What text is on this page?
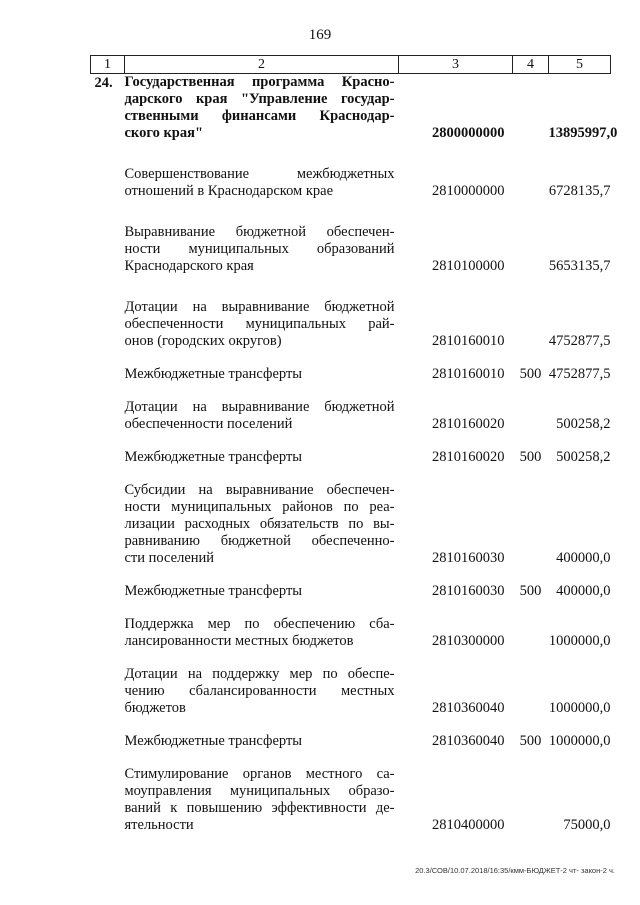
169
1	2	3	4	5
24.	Государственная программа Красно-
дарского края "Управление государ-
ственными финансами Краснодар-
ского края"	2800000000		13895997,0

	Совершенствование межбюджетных
отношений в Краснодарском крае	2810000000		6728135,7

	Выравнивание бюджетной обеспечен-
ности муниципальных образований
Краснодарского края	2810100000		5653135,7

	Дотации на выравнивание бюджетной
обеспеченности муниципальных рай-
онов (городских округов)	2810160010		4752877,5

	Межбюджетные трансферты	2810160010	500	4752877,5

	Дотации на выравнивание бюджетной
обеспеченности поселений	2810160020		500258,2

	Межбюджетные трансферты	2810160020	500	500258,2

	Субсидии на выравнивание обеспечен-
ности муниципальных районов по реа-
лизации расходных обязательств по вы-
равниванию бюджетной обеспеченно-
сти поселений	2810160030		400000,0

	Межбюджетные трансферты	2810160030	500	400000,0

	Поддержка мер по обеспечению сба-
лансированности местных бюджетов	2810300000		1000000,0

	Дотации на поддержку мер по обеспе-
чению сбалансированности местных
бюджетов	2810360040		1000000,0

	Межбюджетные трансферты	2810360040	500	1000000,0

	Стимулирование органов местного са-
моуправления муниципальных образо-
ваний к повышению эффективности де-
ятельности	2810400000		75000,0
20.3/СОВ/10.07.2018/16:35/кмм-БЮДЖЕТ-2 чт- закон-2 ч.
